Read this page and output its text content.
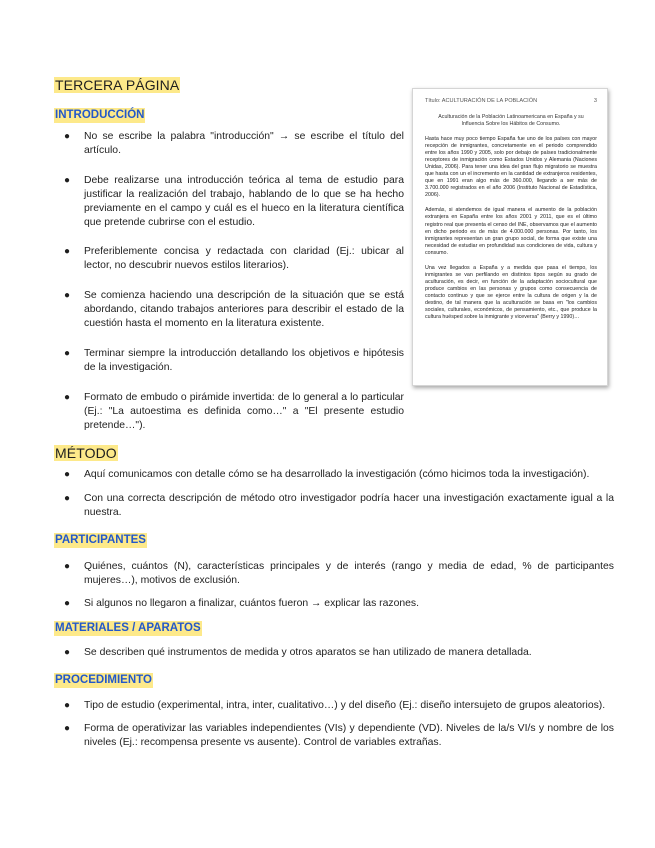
TERCERA PÁGINA
INTRODUCCIÓN
● No se escribe la palabra "introducción" → se escribe el título del artículo.
● Debe realizarse una introducción teórica al tema de estudio para justificar la realización del trabajo, hablando de lo que se ha hecho previamente en el campo y cuál es el hueco en la literatura científica que pretende cubrirse con el estudio.
● Preferiblemente concisa y redactada con claridad (Ej.: ubicar al lector, no descubrir nuevos estilos literarios).
● Se comienza haciendo una descripción de la situación que se está abordando, citando trabajos anteriores para describir el estado de la cuestión hasta el momento en la literatura existente.
● Terminar siempre la introducción detallando los objetivos e hipótesis de la investigación.
● Formato de embudo o pirámide invertida: de lo general a lo particular (Ej.: "La autoestima es definida como…" a "El presente estudio pretende…").
Título: ACULTURACIÓN DE LA POBLACIÓN	3
Aculturación de la Población Latinoamericana en España y su Influencia Sobre los Hábitos de Consumo.

Hasta hace muy poco tiempo España fue uno de los países con mayor recepción de inmigrantes, concretamente en el periodo comprendido entre los años 1990 y 2005, solo por debajo de países tradicionalmente receptores de inmigración como Estados Unidos y Alemania (Naciones Unidas, 2006). Para tener una idea del gran flujo migratorio se muestra que hasta con un el incremento en la cantidad de extranjeros residentes, que en 1991 eran algo más de 360.000, llegando a ser más de 3.700.000 registrados en el año 2006 (Instituto Nacional de Estadística, 2006).

Además, si atendemos de igual manera el aumento de la población extranjera en España entre los años 2001 y 2011, que es el último registro real que presenta el censo del INE, observamos que el aumento en dicho periodo es de más de 4.000.000 personas. Por tanto, los inmigrantes representan un gran grupo social, de forma que existe una necesidad de estudiar en profundidad sus condiciones de vida, cultura y consumo.

Una vez llegados a España y a medida que pasa el tiempo, los inmigrantes se van perfilando en distintos tipos según su grado de aculturación, es decir, en función de la adaptación sociocultural que produce cambios en las personas y grupos como consecuencia de contacto continuo y que se ejerce entre la cultura de origen y la de destino, de tal manera que la aculturación se basa en "los cambios sociales, culturales, económicos, de pensamiento, etc., que produce la cultura huésped sobre la inmigrante y viceversa" (Berry y 1990)…

MÉTODO
● Aquí comunicamos con detalle cómo se ha desarrollado la investigación (cómo hicimos toda la investigación).
● Con una correcta descripción de método otro investigador podría hacer una investigación exactamente igual a la nuestra.
PARTICIPANTES
● Quiénes, cuántos (N), características principales y de interés (rango y media de edad, % de participantes mujeres…), motivos de exclusión.
● Si algunos no llegaron a finalizar, cuántos fueron → explicar las razones.
MATERIALES / APARATOS
● Se describen qué instrumentos de medida y otros aparatos se han utilizado de manera detallada.
PROCEDIMIENTO
● Tipo de estudio (experimental, intra, inter, cualitativo…) y del diseño (Ej.: diseño intersujeto de grupos aleatorios).
● Forma de operativizar las variables independientes (VIs) y dependiente (VD). Niveles de la/s VI/s y nombre de los niveles (Ej.: recompensa presente vs ausente). Control de variables extrañas.
